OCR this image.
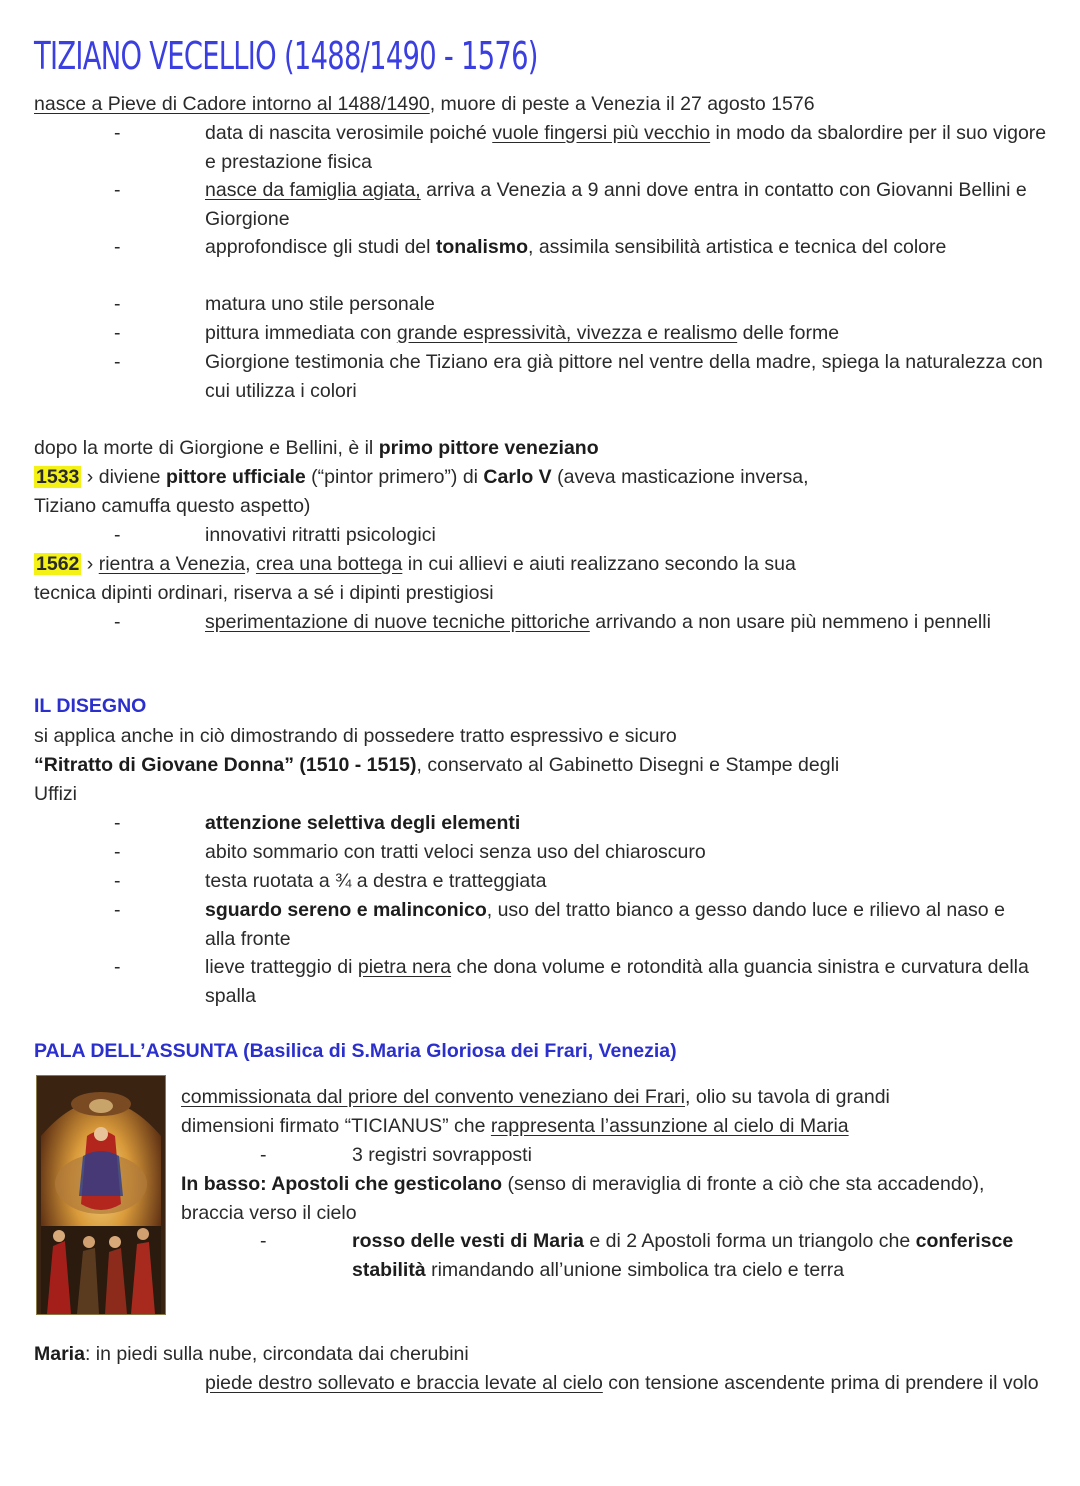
TIZIANO VECELLIO (1488/1490 - 1576)
nasce a Pieve di Cadore intorno al 1488/1490, muore di peste a Venezia il 27 agosto 1576
-	data di nascita verosimile poiché vuole fingersi più vecchio in modo da sbalordire per il suo vigore e prestazione fisica
-	nasce da famiglia agiata, arriva a Venezia a 9 anni dove entra in contatto con Giovanni Bellini e Giorgione
-	approfondisce gli studi del tonalismo, assimila sensibilità artistica e tecnica del colore
-	matura uno stile personale
-	pittura immediata con grande espressività, vivezza e realismo delle forme
-	Giorgione testimonia che Tiziano era già pittore nel ventre della madre, spiega la naturalezza con cui utilizza i colori
dopo la morte di Giorgione e Bellini, è il primo pittore veneziano
1533 › diviene pittore ufficiale (“pintor primero”) di Carlo V (aveva masticazione inversa,
Tiziano camuffa questo aspetto)
-	innovativi ritratti psicologici
1562 › rientra a Venezia, crea una bottega in cui allievi e aiuti realizzano secondo la sua
tecnica dipinti ordinari, riserva a sé i dipinti prestigiosi
-	sperimentazione di nuove tecniche pittoriche arrivando a non usare più nemmeno i pennelli
IL DISEGNO
si applica anche in ciò dimostrando di possedere tratto espressivo e sicuro
“Ritratto di Giovane Donna” (1510 - 1515), conservato al Gabinetto Disegni e Stampe degli
Uffizi
-	attenzione selettiva degli elementi
-	abito sommario con tratti veloci senza uso del chiaroscuro
-	testa ruotata a ¾ a destra e tratteggiata
-	sguardo sereno e malinconico, uso del tratto bianco a gesso dando luce e rilievo al naso e alla fronte
-	lieve tratteggio di pietra nera che dona volume e rotondità alla guancia sinistra e curvatura della spalla
PALA DELL’ASSUNTA (Basilica di S.Maria Gloriosa dei Frari, Venezia)
commissionata dal priore del convento veneziano dei Frari, olio su tavola di grandi
dimensioni firmato “TICIANUS” che rappresenta l’assunzione al cielo di Maria
-	3 registri sovrapposti
In basso: Apostoli che gesticolano (senso di meraviglia di fronte a ciò che sta accadendo), braccia verso il cielo
-	rosso delle vesti di Maria e di 2 Apostoli forma un triangolo che conferisce stabilità rimandando all’unione simbolica tra cielo e terra
Maria: in piedi sulla nube, circondata dai cherubini
piede destro sollevato e braccia levate al cielo con tensione ascendente prima di prendere il volo
